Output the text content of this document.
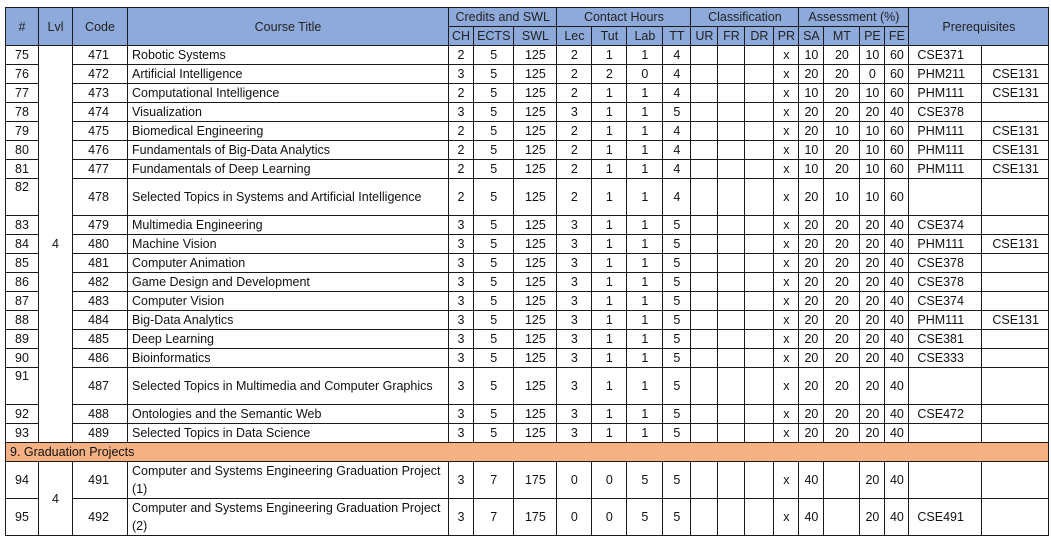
#	Lvl	Code	Course Title	Credits and SWL			Contact Hours				Classification				Assessment (%)				Prerequisites	
				CH	ECTS	SWL	Lec	Tut	Lab	TT	UR	FR	DR	PR	SA	MT	PE	FE		
75	4	471	Robotic Systems	2	5	125	2	1	1	4				x	10	20	10	60	CSE371	
76		472	Artificial Intelligence	3	5	125	2	2	0	4				x	20	20	0	60	PHM211	CSE131
77		473	Computational Intelligence	2	5	125	2	1	1	4				x	10	20	10	60	PHM111	CSE131
78		474	Visualization	3	5	125	3	1	1	5				x	20	20	20	40	CSE378	
79		475	Biomedical Engineering	2	5	125	2	1	1	4				x	20	10	10	60	PHM111	CSE131
80		476	Fundamentals of Big-Data Analytics	2	5	125	2	1	1	4				x	10	20	10	60	PHM111	CSE131
81		477	Fundamentals of Deep Learning	2	5	125	2	1	1	4				x	10	20	10	60	PHM111	CSE131
82		478	Selected Topics in Systems and Artificial Intelligence	2	5	125	2	1	1	4				x	20	10	10	60		
83		479	Multimedia Engineering	3	5	125	3	1	1	5				x	20	20	20	40	CSE374	
84		480	Machine Vision	3	5	125	3	1	1	5				x	20	20	20	40	PHM111	CSE131
85		481	Computer Animation	3	5	125	3	1	1	5				x	20	20	20	40	CSE378	
86		482	Game Design and Development	3	5	125	3	1	1	5				x	20	20	20	40	CSE378	
87		483	Computer Vision	3	5	125	3	1	1	5				x	20	20	20	40	CSE374	
88		484	Big-Data Analytics	3	5	125	3	1	1	5				x	20	20	20	40	PHM111	CSE131
89		485	Deep Learning	3	5	125	3	1	1	5				x	20	20	20	40	CSE381	
90		486	Bioinformatics	3	5	125	3	1	1	5				x	20	20	20	40	CSE333	
91		487	Selected Topics in Multimedia and Computer Graphics	3	5	125	3	1	1	5				x	20	20	20	40		
92		488	Ontologies and the Semantic Web	3	5	125	3	1	1	5				x	20	20	20	40	CSE472	
93		489	Selected Topics in Data Science	3	5	125	3	1	1	5				x	20	20	20	40		
9. Graduation Projects																				
94	4	491	Computer and Systems Engineering Graduation Project (1)	3	7	175	0	0	5	5				x	40		20	40		
95		492	Computer and Systems Engineering Graduation Project (2)	3	7	175	0	0	5	5				x	40		20	40	CSE491	
